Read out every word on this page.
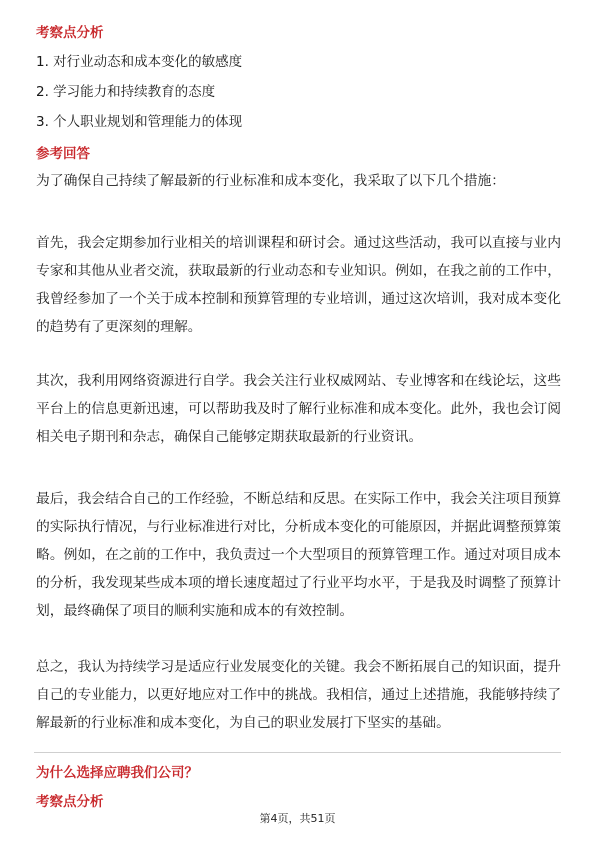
考察点分析

1. 对行业动态和成本变化的敏感度

2. 学习能力和持续教育的态度

3. 个人职业规划和管理能力的体现

参考回答

为了确保自己持续了解最新的行业标准和成本变化，我采取了以下几个措施：

首先，我会定期参加行业相关的培训课程和研讨会。通过这些活动，我可以直接与业内专家和其他从业者交流，获取最新的行业动态和专业知识。例如，在我之前的工作中，我曾经参加了一个关于成本控制和预算管理的专业培训，通过这次培训，我对成本变化的趋势有了更深刻的理解。

其次，我利用网络资源进行自学。我会关注行业权威网站、专业博客和在线论坛，这些平台上的信息更新迅速，可以帮助我及时了解行业标准和成本变化。此外，我也会订阅相关电子期刊和杂志，确保自己能够定期获取最新的行业资讯。

最后，我会结合自己的工作经验，不断总结和反思。在实际工作中，我会关注项目预算的实际执行情况，与行业标准进行对比，分析成本变化的可能原因，并据此调整预算策略。例如，在之前的工作中，我负责过一个大型项目的预算管理工作。通过对项目成本的分析，我发现某些成本项的增长速度超过了行业平均水平，于是我及时调整了预算计划，最终确保了项目的顺利实施和成本的有效控制。

总之，我认为持续学习是适应行业发展变化的关键。我会不断拓展自己的知识面，提升自己的专业能力，以更好地应对工作中的挑战。我相信，通过上述措施，我能够持续了解最新的行业标准和成本变化，为自己的职业发展打下坚实的基础。

为什么选择应聘我们公司？
考察点分析
第4页，共51页
